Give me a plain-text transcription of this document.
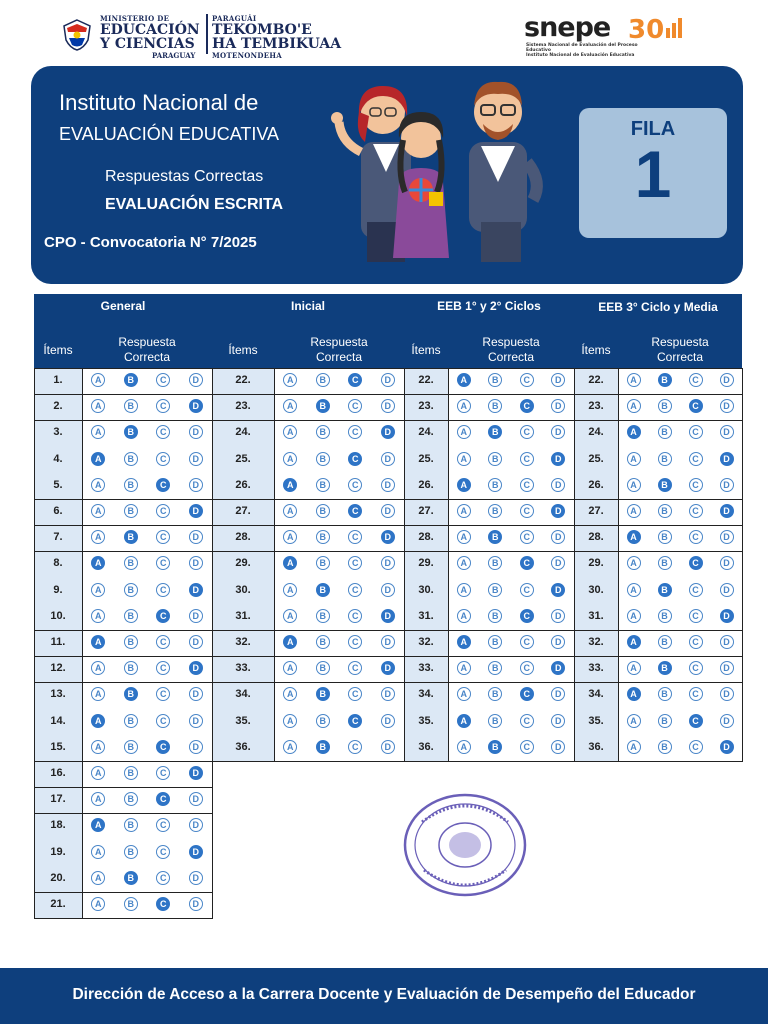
MINISTERIO DE
EDUCACIÓN
Y CIENCIAS
PARAGUAY
PARAGUÁI
TEKOMBO'E
HA TEMBIKUAA
MOTENONDEHA
snepe 30
Sistema Nacional de Evaluación del Proceso Educativo
Instituto Nacional de Evaluación Educativa
Instituto Nacional de
EVALUACIÓN EDUCATIVA
Respuestas Correctas
EVALUACIÓN ESCRITA
CPO - Convocatoria N° 7/2025
FILA
1
General
Ítems
Respuesta
Correcta
1.	A	B	C	D
2.	A	B	C	D
3.	A	B	C	D
4.	A	B	C	D
5.	A	B	C	D
6.	A	B	C	D
7.	A	B	C	D
8.	A	B	C	D
9.	A	B	C	D
10.	A	B	C	D
11.	A	B	C	D
12.	A	B	C	D
13.	A	B	C	D
14.	A	B	C	D
15.	A	B	C	D
16.	A	B	C	D
17.	A	B	C	D
18.	A	B	C	D
19.	A	B	C	D
20.	A	B	C	D
21.	A	B	C	D
Inicial
Ítems
Respuesta
Correcta
22.	A	B	C	D
23.	A	B	C	D
24.	A	B	C	D
25.	A	B	C	D
26.	A	B	C	D
27.	A	B	C	D
28.	A	B	C	D
29.	A	B	C	D
30.	A	B	C	D
31.	A	B	C	D
32.	A	B	C	D
33.	A	B	C	D
34.	A	B	C	D
35.	A	B	C	D
36.	A	B	C	D
EEB 1° y 2° Ciclos
Ítems
Respuesta
Correcta
22.	A	B	C	D
23.	A	B	C	D
24.	A	B	C	D
25.	A	B	C	D
26.	A	B	C	D
27.	A	B	C	D
28.	A	B	C	D
29.	A	B	C	D
30.	A	B	C	D
31.	A	B	C	D
32.	A	B	C	D
33.	A	B	C	D
34.	A	B	C	D
35.	A	B	C	D
36.	A	B	C	D
EEB 3° Ciclo y Media
Ítems
Respuesta
Correcta
22.	A	B	C	D
23.	A	B	C	D
24.	A	B	C	D
25.	A	B	C	D
26.	A	B	C	D
27.	A	B	C	D
28.	A	B	C	D
29.	A	B	C	D
30.	A	B	C	D
31.	A	B	C	D
32.	A	B	C	D
33.	A	B	C	D
34.	A	B	C	D
35.	A	B	C	D
36.	A	B	C	D
Dirección de Acceso a la Carrera Docente y Evaluación de Desempeño del Educador
